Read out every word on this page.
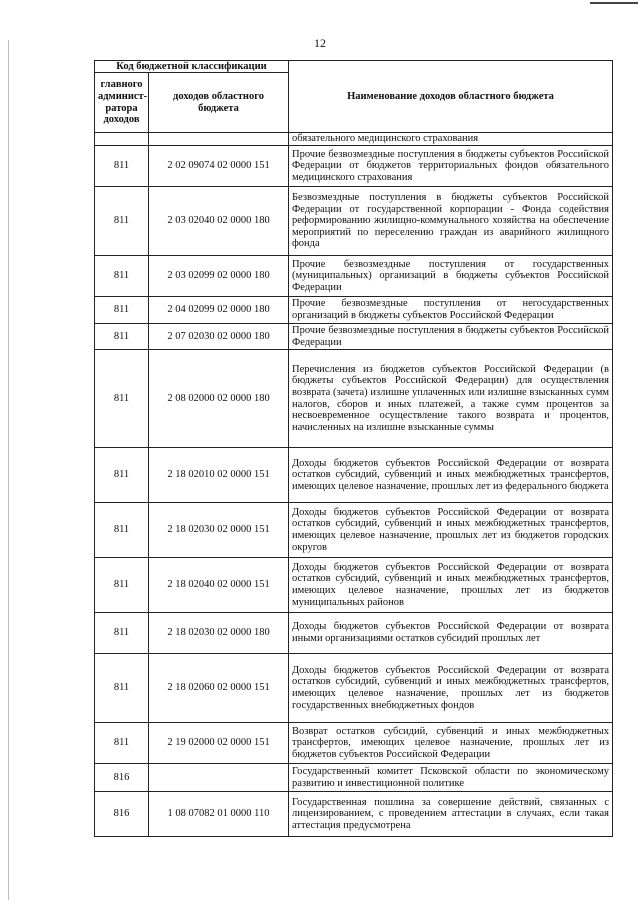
12
Код бюджетной классификации		Наименование доходов областного бюджета
главного админист-ратора доходов	доходов областного бюджета	
		обязательного медицинского страхования
811	2 02 09074 02 0000 151	Прочие безвозмездные поступления в бюджеты субъектов Российской Федерации от бюджетов территориальных фондов обязательного медицинского страхования
811	2 03 02040 02 0000 180	Безвозмездные поступления в бюджеты субъектов Российской Федерации от государственной корпорации - Фонда содействия реформированию жилищно-коммунального хозяйства на обеспечение мероприятий по переселению граждан из аварийного жилищного фонда
811	2 03 02099 02 0000 180	Прочие безвозмездные поступления от государственных (муниципальных) организаций в бюджеты субъектов Российской Федерации
811	2 04 02099 02 0000 180	Прочие безвозмездные поступления от негосударственных организаций в бюджеты субъектов Российской Федерации
811	2 07 02030 02 0000 180	Прочие безвозмездные поступления в бюджеты субъектов Российской Федерации
811	2 08 02000 02 0000 180	Перечисления из бюджетов субъектов Российской Федерации (в бюджеты субъектов Российской Федерации) для осуществления возврата (зачета) излишне уплаченных или излишне взысканных сумм налогов, сборов и иных платежей, а также сумм процентов за несвоевременное осуществление такого возврата и процентов, начисленных на излишне взысканные суммы
811	2 18 02010 02 0000 151	Доходы бюджетов субъектов Российской Федерации от возврата остатков субсидий, субвенций и иных межбюджетных трансфертов, имеющих целевое назначение, прошлых лет из федерального бюджета
811	2 18 02030 02 0000 151	Доходы бюджетов субъектов Российской Федерации от возврата остатков субсидий, субвенций и иных межбюджетных трансфертов, имеющих целевое назначение, прошлых лет из бюджетов городских округов
811	2 18 02040 02 0000 151	Доходы бюджетов субъектов Российской Федерации от возврата остатков субсидий, субвенций и иных межбюджетных трансфертов, имеющих целевое назначение, прошлых лет из бюджетов муниципальных районов
811	2 18 02030 02 0000 180	Доходы бюджетов субъектов Российской Федерации от возврата иными организациями остатков субсидий прошлых лет
811	2 18 02060 02 0000 151	Доходы бюджетов субъектов Российской Федерации от возврата остатков субсидий, субвенций и иных межбюджетных трансфертов, имеющих целевое назначение, прошлых лет из бюджетов государственных внебюджетных фондов
811	2 19 02000 02 0000 151	Возврат остатков субсидий, субвенций и иных межбюджетных трансфертов, имеющих целевое назначение, прошлых лет из бюджетов субъектов Российской Федерации
816		Государственный комитет Псковской области по экономическому развитию и инвестиционной политике
816	1 08 07082 01 0000 110	Государственная пошлина за совершение действий, связанных с лицензированием, с проведением аттестации в случаях, если такая аттестация предусмотрена
